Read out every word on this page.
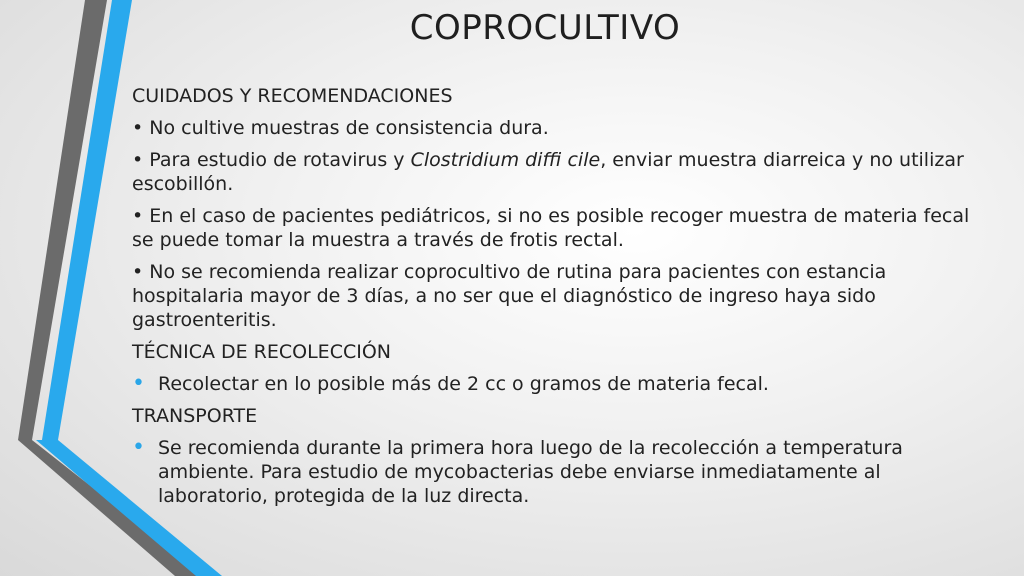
COPROCULTIVO
CUIDADOS Y RECOMENDACIONES
• No cultive muestras de consistencia dura.
• Para estudio de rotavirus y Clostridium diffi cile, enviar muestra diarreica y no utilizar escobillón.
• En el caso de pacientes pediátricos, si no es posible recoger muestra de materia fecal se puede tomar la muestra a través de frotis rectal.
• No se recomienda realizar coprocultivo de rutina para pacientes con estancia hospitalaria mayor de 3 días, a no ser que el diagnóstico de ingreso haya sido gastroenteritis.
TÉCNICA DE RECOLECCIÓN
• Recolectar en lo posible más de 2 cc o gramos de materia fecal.
TRANSPORTE
• Se recomienda durante la primera hora luego de la recolección a temperatura ambiente. Para estudio de mycobacterias debe enviarse inmediatamente al laboratorio, protegida de la luz directa.
